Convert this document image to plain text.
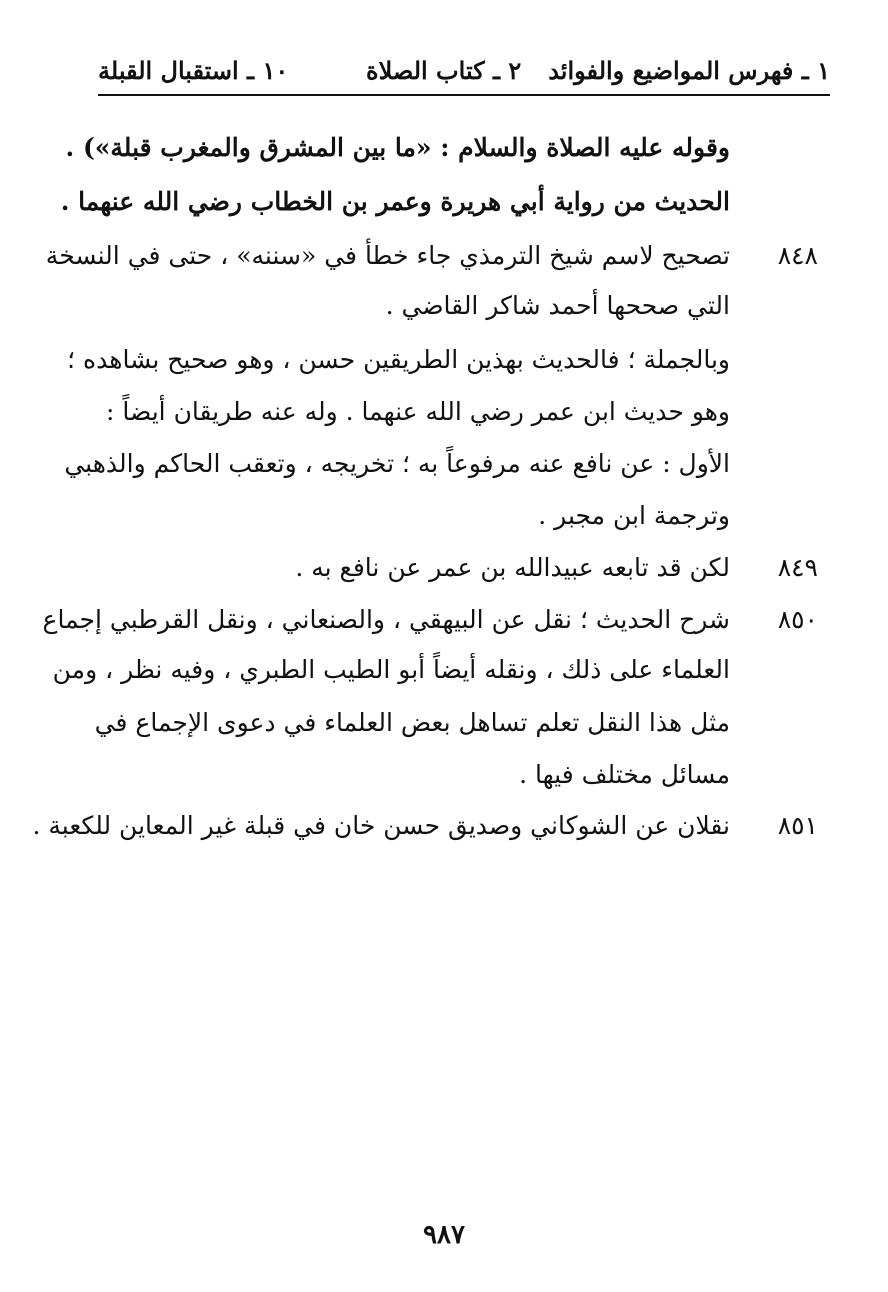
١ ـ فهرس المواضيع والفوائد
٢ ـ كتاب الصلاة
١٠ ـ استقبال القبلة
وقوله عليه الصلاة والسلام : «ما بين المشرق والمغرب قبلة») .
الحديث من رواية أبي هريرة وعمر بن الخطاب رضي الله عنهما .
٨٤٨
تصحيح لاسم شيخ الترمذي جاء خطأ في «سننه» ، حتى في النسخة
التي صححها أحمد شاكر القاضي .
وبالجملة ؛ فالحديث بهذين الطريقين حسن ، وهو صحيح بشاهده ؛
وهو حديث ابن عمر رضي الله عنهما . وله عنه طريقان أيضاً :
الأول : عن نافع عنه مرفوعاً به ؛ تخريجه ، وتعقب الحاكم والذهبي
وترجمة ابن مجبر .
٨٤٩
لكن قد تابعه عبيدالله بن عمر عن نافع به .
٨٥٠
شرح الحديث ؛ نقل عن البيهقي ، والصنعاني ، ونقل القرطبي إجماع
العلماء على ذلك ، ونقله أيضاً أبو الطيب الطبري ، وفيه نظر ، ومن
مثل هذا النقل تعلم تساهل بعض العلماء في دعوى الإجماع في
مسائل مختلف فيها .
٨٥١
نقلان عن الشوكاني وصديق حسن خان في قبلة غير المعاين للكعبة .
٩٨٧
